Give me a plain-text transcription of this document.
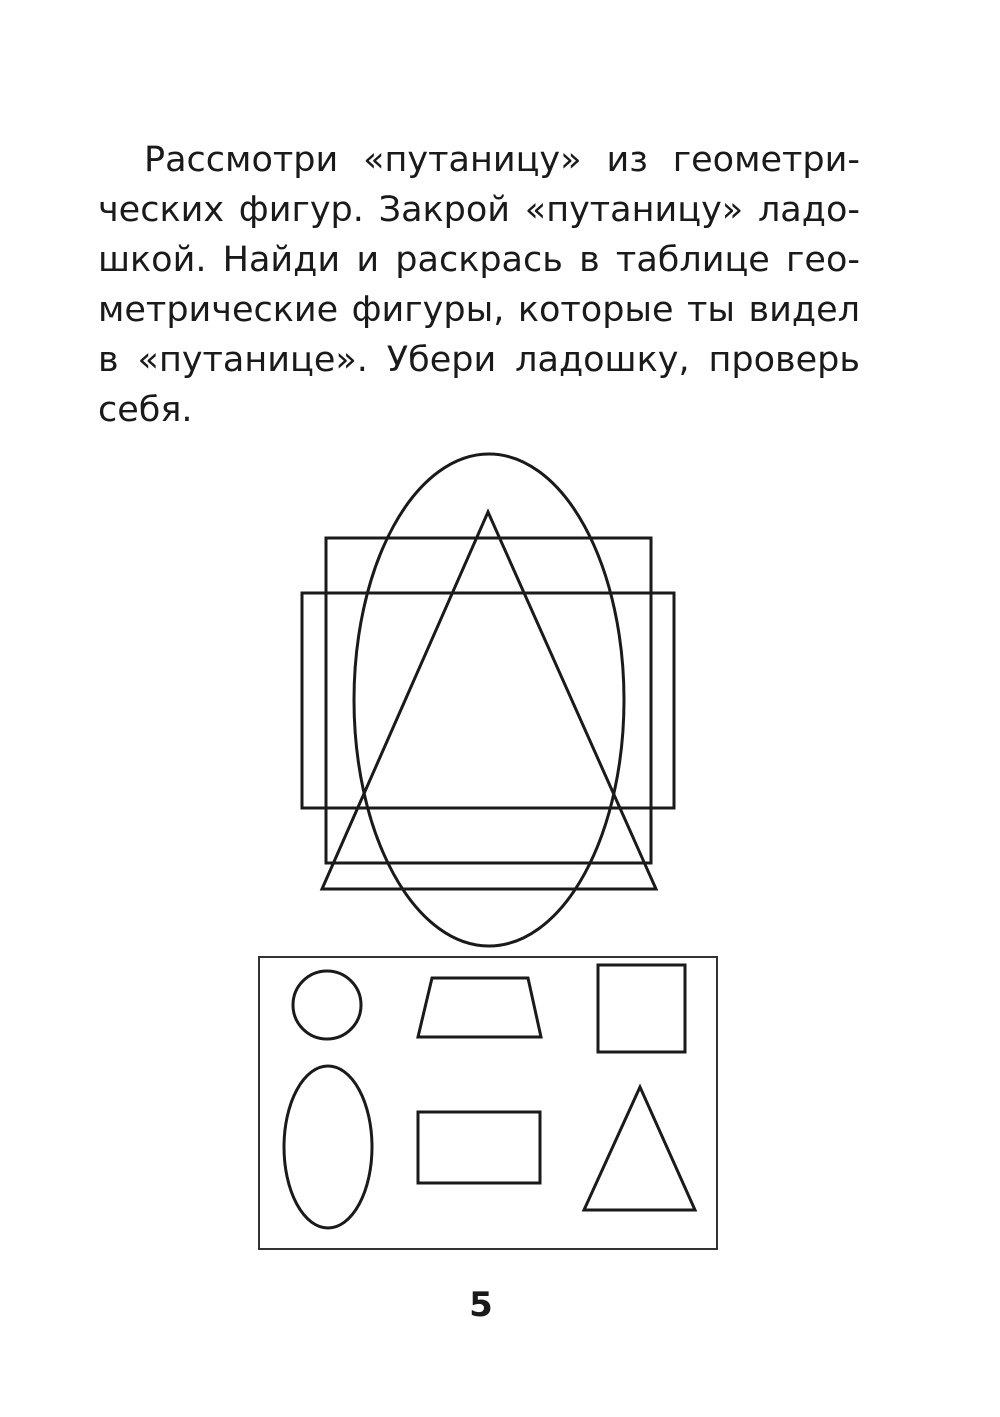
Рассмотри «путаницу» из геометри-
ческих фигур. Закрой «путаницу» ладо-
шкой. Найди и раскрась в таблице гео-
метрические фигуры, которые ты видел
в «путанице». Убери ладошку, проверь
себя.
5
